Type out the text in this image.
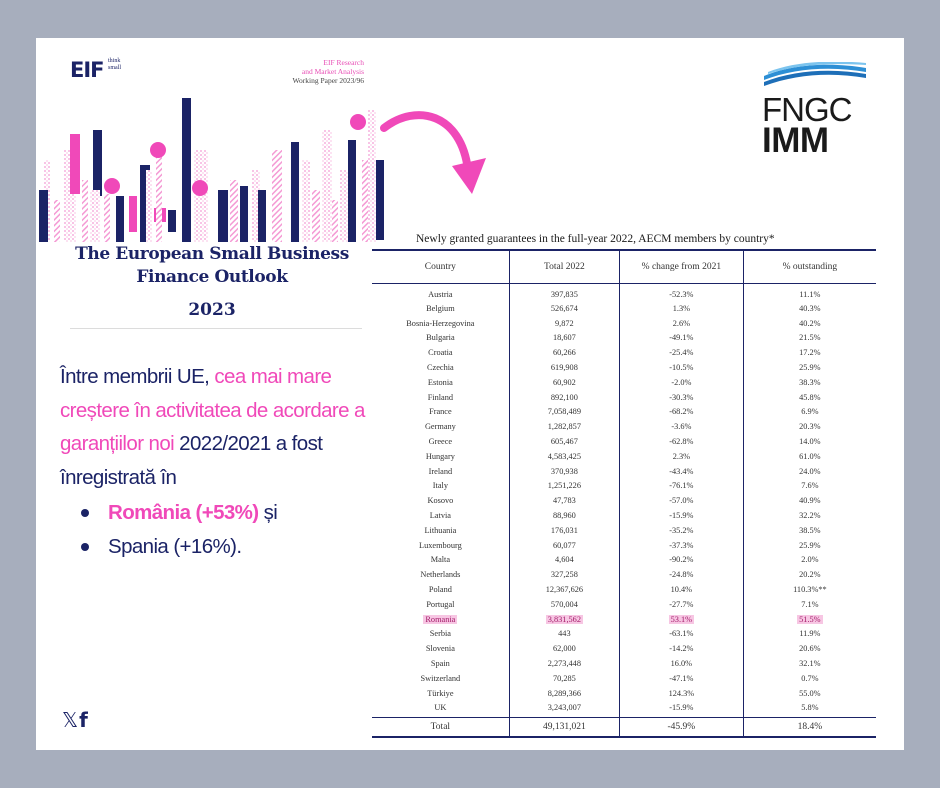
EIF think
small
EIF Research
and Market Analysis
Working Paper 2023/96
The European Small Business
Finance Outlook
2023
Între membrii UE, cea mai mare creștere în activitatea de acordare a garanțiilor noi 2022/2021 a fost înregistrată în
România (+53%) și
Spania (+16%).
𝕏f
FNGC
IMM
Newly granted guarantees in the full-year 2022, AECM members by country*
Country	Total 2022	% change from 2021	% outstanding
Austria	397,835	-52.3%	11.1%
Belgium	526,674	1.3%	40.3%
Bosnia-Herzegovina	9,872	2.6%	40.2%
Bulgaria	18,607	-49.1%	21.5%
Croatia	60,266	-25.4%	17.2%
Czechia	619,908	-10.5%	25.9%
Estonia	60,902	-2.0%	38.3%
Finland	892,100	-30.3%	45.8%
France	7,058,489	-68.2%	6.9%
Germany	1,282,857	-3.6%	20.3%
Greece	605,467	-62.8%	14.0%
Hungary	4,583,425	2.3%	61.0%
Ireland	370,938	-43.4%	24.0%
Italy	1,251,226	-76.1%	7.6%
Kosovo	47,783	-57.0%	40.9%
Latvia	88,960	-15.9%	32.2%
Lithuania	176,031	-35.2%	38.5%
Luxembourg	60,077	-37.3%	25.9%
Malta	4,604	-90.2%	2.0%
Netherlands	327,258	-24.8%	20.2%
Poland	12,367,626	10.4%	110.3%**
Portugal	570,004	-27.7%	7.1%
Romania	3,831,562	53.1%	51.5%
Serbia	443	-63.1%	11.9%
Slovenia	62,000	-14.2%	20.6%
Spain	2,273,448	16.0%	32.1%
Switzerland	70,285	-47.1%	0.7%
Türkiye	8,289,366	124.3%	55.0%
UK	3,243,007	-15.9%	5.8%
Total	49,131,021	-45.9%	18.4%
